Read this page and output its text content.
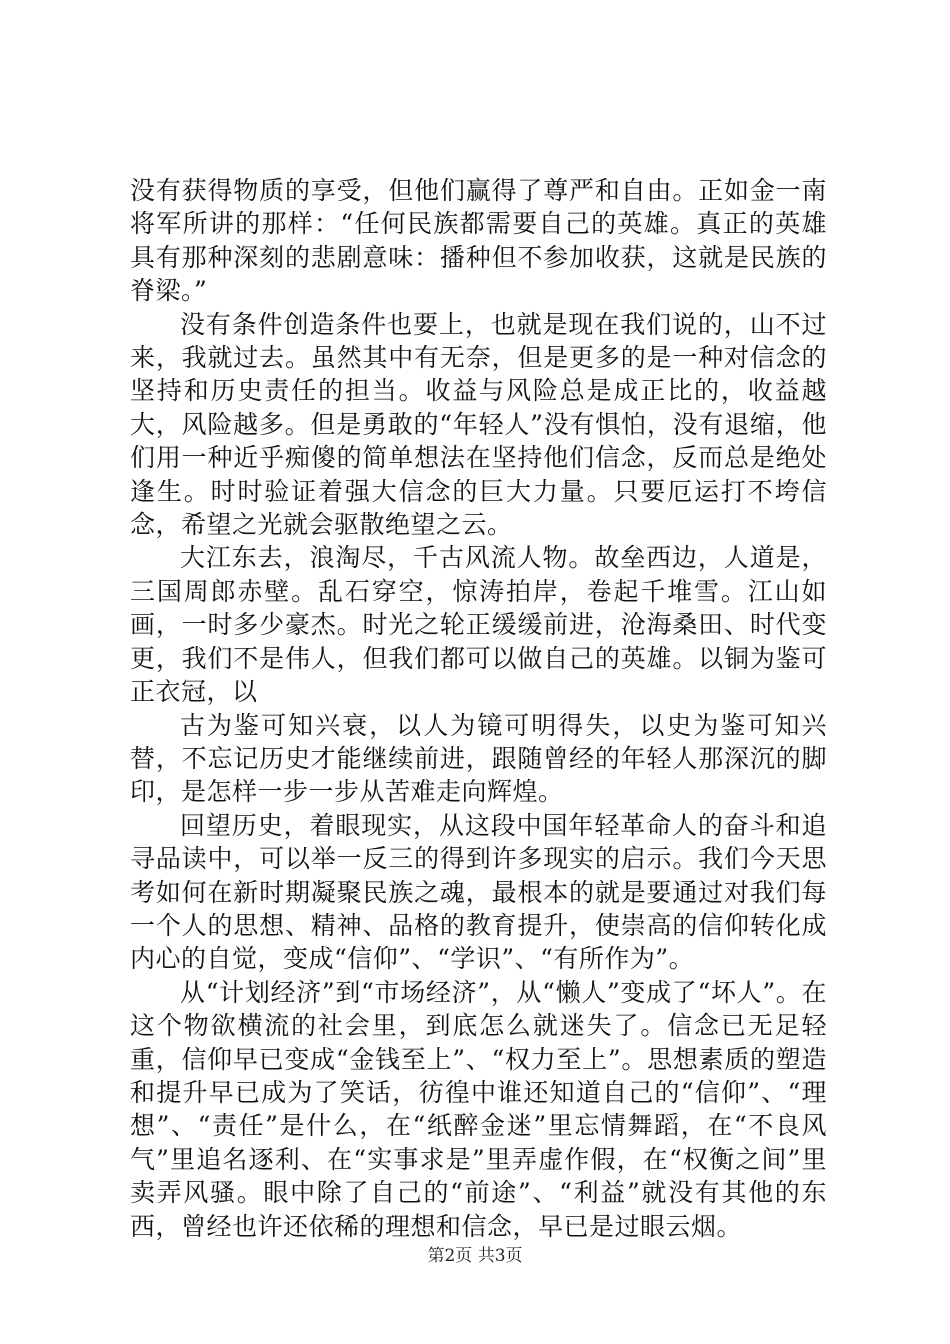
没有获得物质的享受，但他们赢得了尊严和自由。正如金一南将军所讲的那样：“任何民族都需要自己的英雄。真正的英雄具有那种深刻的悲剧意味：播种但不参加收获，这就是民族的脊梁。”

没有条件创造条件也要上，也就是现在我们说的，山不过来，我就过去。虽然其中有无奈，但是更多的是一种对信念的坚持和历史责任的担当。收益与风险总是成正比的，收益越大，风险越多。但是勇敢的“年轻人”没有惧怕，没有退缩，他们用一种近乎痴傻的简单想法在坚持他们信念，反而总是绝处逢生。时时验证着强大信念的巨大力量。只要厄运打不垮信念，希望之光就会驱散绝望之云。

大江东去，浪淘尽，千古风流人物。故垒西边，人道是，三国周郎赤壁。乱石穿空，惊涛拍岸，卷起千堆雪。江山如画，一时多少豪杰。时光之轮正缓缓前进，沧海桑田、时代变更，我们不是伟人，但我们都可以做自己的英雄。以铜为鉴可正衣冠，以

古为鉴可知兴衰，以人为镜可明得失，以史为鉴可知兴替，不忘记历史才能继续前进，跟随曾经的年轻人那深沉的脚印，是怎样一步一步从苦难走向辉煌。

回望历史，着眼现实，从这段中国年轻革命人的奋斗和追寻品读中，可以举一反三的得到许多现实的启示。我们今天思考如何在新时期凝聚民族之魂，最根本的就是要通过对我们每一个人的思想、精神、品格的教育提升，使崇高的信仰转化成内心的自觉，变成“信仰”、“学识”、“有所作为”。

从“计划经济”到“市场经济”，从“懒人”变成了“坏人”。在这个物欲横流的社会里，到底怎么就迷失了。信念已无足轻重，信仰早已变成“金钱至上”、“权力至上”。思想素质的塑造和提升早已成为了笑话，彷徨中谁还知道自己的“信仰”、“理想”、“责任”是什么，在“纸醉金迷”里忘情舞蹈，在“不良风气”里追名逐利、在“实事求是”里弄虚作假，在“权衡之间”里卖弄风骚。眼中除了自己的“前途”、“利益”就没有其他的东西，曾经也许还依稀的理想和信念，早已是过眼云烟。

第2页 共3页
